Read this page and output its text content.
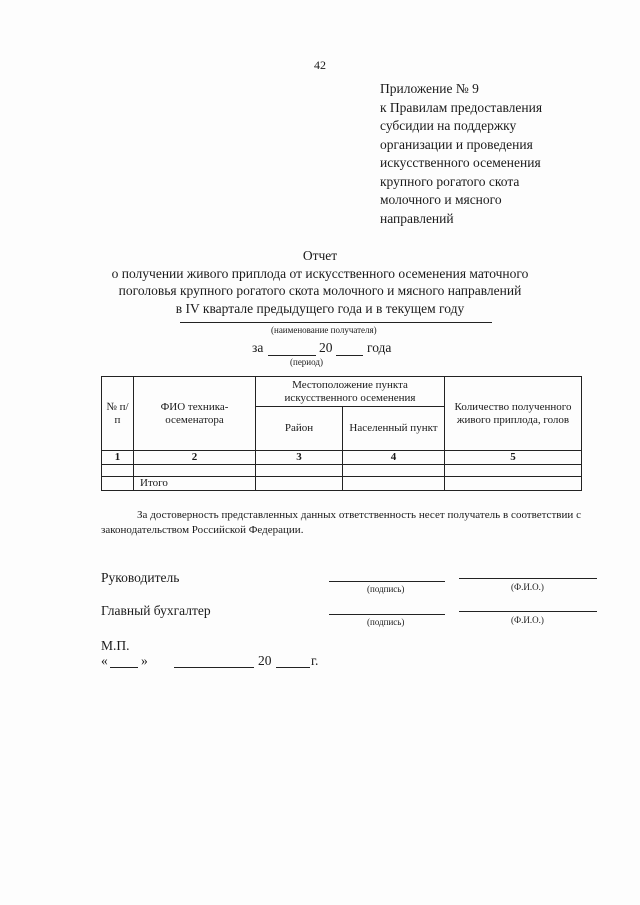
42
Приложение № 9
к Правилам предоставления
субсидии на поддержку
организации и проведения
искусственного осеменения
крупного рогатого скота
молочного и мясного
направлений
Отчет
о получении живого приплода от искусственного осеменения маточного
поголовья крупного рогатого скота молочного и мясного направлений
в IV квартале предыдущего года и в текущем году
(наименование получателя)
за	20	года
(период)
№ п/п	ФИО техника-осеменатора	Местоположение пункта искусственного осеменения		Количество полученного живого приплода, голов
		Район	Населенный пункт	
1	2	3	4	5

	Итого			
За достоверность представленных данных ответственность несет получатель в соответствии с законодательством Российской Федерации.
Руководитель
(подпись)	(Ф.И.О.)
Главный бухгалтер
(подпись)	(Ф.И.О.)
М.П.
« »	20	г.
